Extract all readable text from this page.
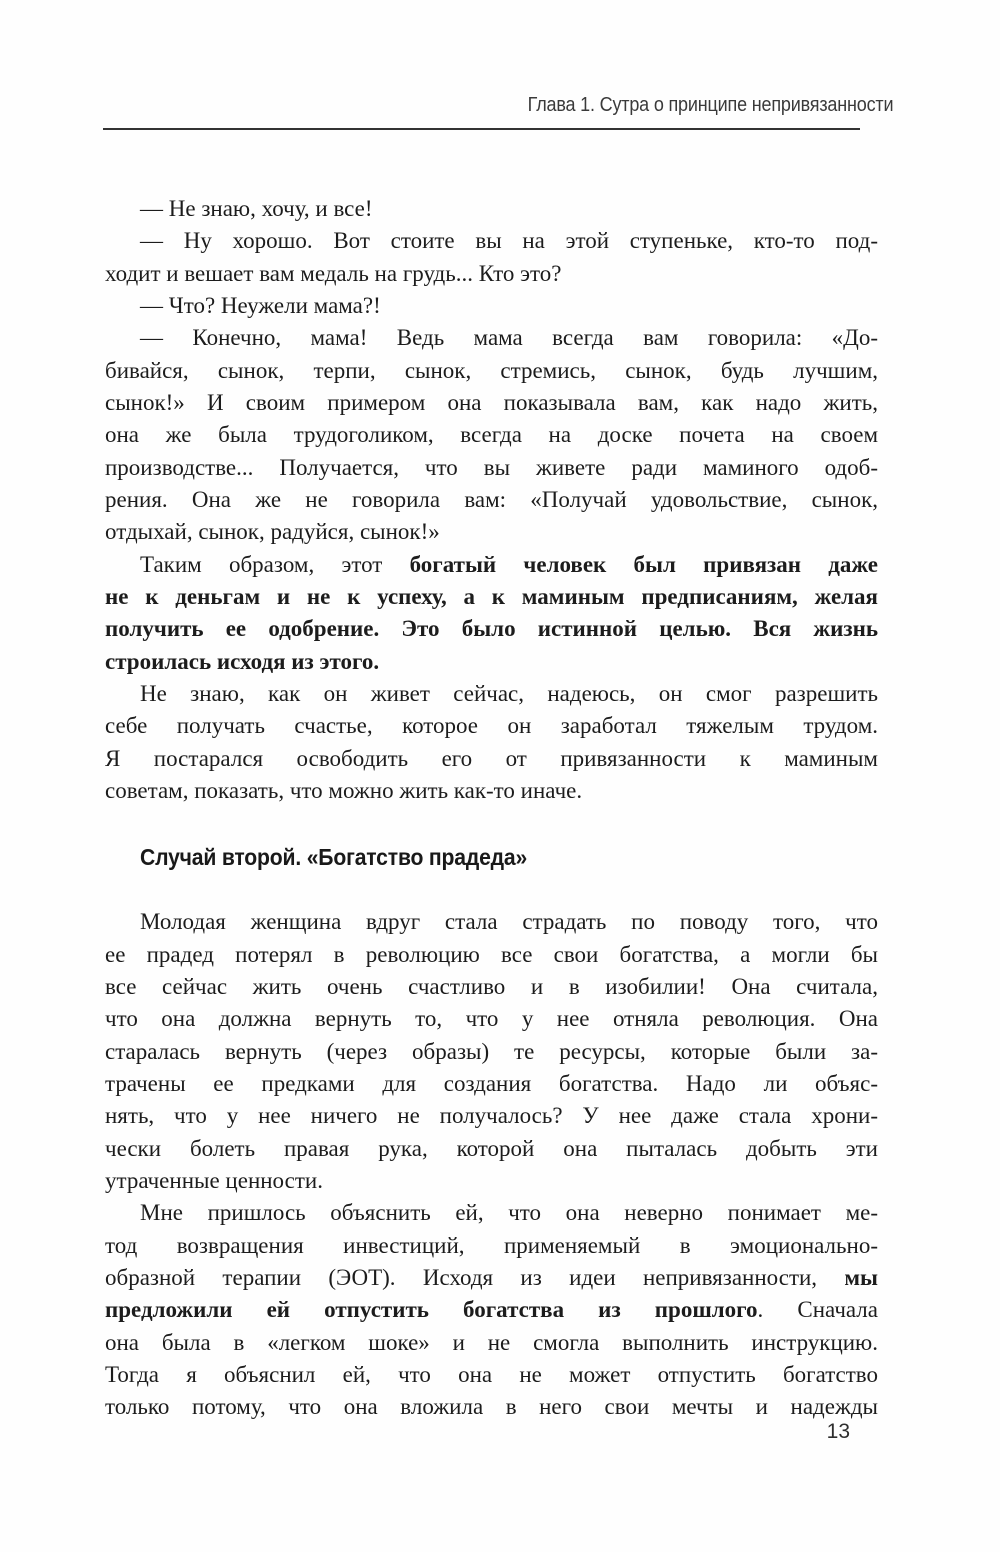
Глава 1. Сутра о принципе непривязанности
— Не знаю, хочу, и все!
— Ну хорошо. Вот стоите вы на этой ступеньке, кто-то под-
ходит и вешает вам медаль на грудь... Кто это?
— Что? Неужели мама?!
— Конечно, мама! Ведь мама всегда вам говорила: «До-
бивайся, сынок, терпи, сынок, стремись, сынок, будь лучшим,
сынок!» И своим примером она показывала вам, как надо жить,
она же была трудоголиком, всегда на доске почета на своем
производстве... Получается, что вы живете ради маминого одоб-
рения. Она же не говорила вам: «Получай удовольствие, сынок,
отдыхай, сынок, радуйся, сынок!»
Таким образом, этот богатый человек был привязан даже
не к деньгам и не к успеху, а к маминым предписаниям, желая
получить ее одобрение. Это было истинной целью. Вся жизнь
строилась исходя из этого.
Не знаю, как он живет сейчас, надеюсь, он смог разрешить
себе получать счастье, которое он заработал тяжелым трудом.
Я постарался освободить его от привязанности к маминым
советам, показать, что можно жить как-то иначе.
Случай второй. «Богатство прадеда»
Молодая женщина вдруг стала страдать по поводу того, что
ее прадед потерял в революцию все свои богатства, а могли бы
все сейчас жить очень счастливо и в изобилии! Она считала,
что она должна вернуть то, что у нее отняла революция. Она
старалась вернуть (через образы) те ресурсы, которые были за-
трачены ее предками для создания богатства. Надо ли объяс-
нять, что у нее ничего не получалось? У нее даже стала хрони-
чески болеть правая рука, которой она пыталась добыть эти
утраченные ценности.
Мне пришлось объяснить ей, что она неверно понимает ме-
тод возвращения инвестиций, применяемый в эмоционально-
образной терапии (ЭОТ). Исходя из идеи непривязанности, мы
предложили ей отпустить богатства из прошлого. Сначала
она была в «легком шоке» и не смогла выполнить инструкцию.
Тогда я объяснил ей, что она не может отпустить богатство
только потому, что она вложила в него свои мечты и надежды
13
